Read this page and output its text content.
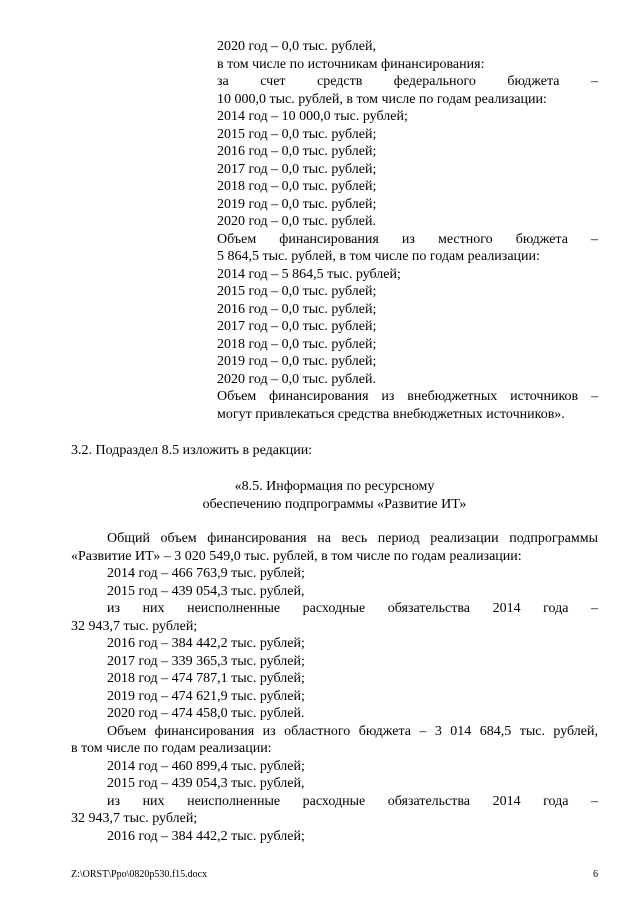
2020 год – 0,0 тыс. рублей,
в том числе по источникам финансирования:
за счет средств федерального бюджета –
10 000,0 тыс. рублей, в том числе по годам реализации:
2014 год – 10 000,0 тыс. рублей;
2015 год – 0,0 тыс. рублей;
2016 год – 0,0 тыс. рублей;
2017 год – 0,0 тыс. рублей;
2018 год – 0,0 тыс. рублей;
2019 год – 0,0 тыс. рублей;
2020 год – 0,0 тыс. рублей.
Объем финансирования из местного бюджета –
5 864,5 тыс. рублей, в том числе по годам реализации:
2014 год – 5 864,5 тыс. рублей;
2015 год – 0,0 тыс. рублей;
2016 год – 0,0 тыс. рублей;
2017 год – 0,0 тыс. рублей;
2018 год – 0,0 тыс. рублей;
2019 год – 0,0 тыс. рублей;
2020 год – 0,0 тыс. рублей.
Объем финансирования из внебюджетных источников –
могут привлекаться средства внебюджетных источников».
3.2. Подраздел 8.5 изложить в редакции:
«8.5. Информация по ресурсному
обеспечению подпрограммы «Развитие ИТ»
Общий объем финансирования на весь период реализации подпрограммы
«Развитие ИТ» – 3 020 549,0 тыс. рублей, в том числе по годам реализации:
2014 год – 466 763,9 тыс. рублей;
2015 год – 439 054,3 тыс. рублей,
из них неисполненные расходные обязательства 2014 года –
32 943,7 тыс. рублей;
2016 год – 384 442,2 тыс. рублей;
2017 год – 339 365,3 тыс. рублей;
2018 год – 474 787,1 тыс. рублей;
2019 год – 474 621,9 тыс. рублей;
2020 год – 474 458,0 тыс. рублей.
Объем финансирования из областного бюджета – 3 014 684,5 тыс. рублей,
в том числе по годам реализации:
2014 год – 460 899,4 тыс. рублей;
2015 год – 439 054,3 тыс. рублей,
из них неисполненные расходные обязательства 2014 года –
32 943,7 тыс. рублей;
2016 год – 384 442,2 тыс. рублей;
Z:\ORST\Ppo\0820p530.f15.docx	6
